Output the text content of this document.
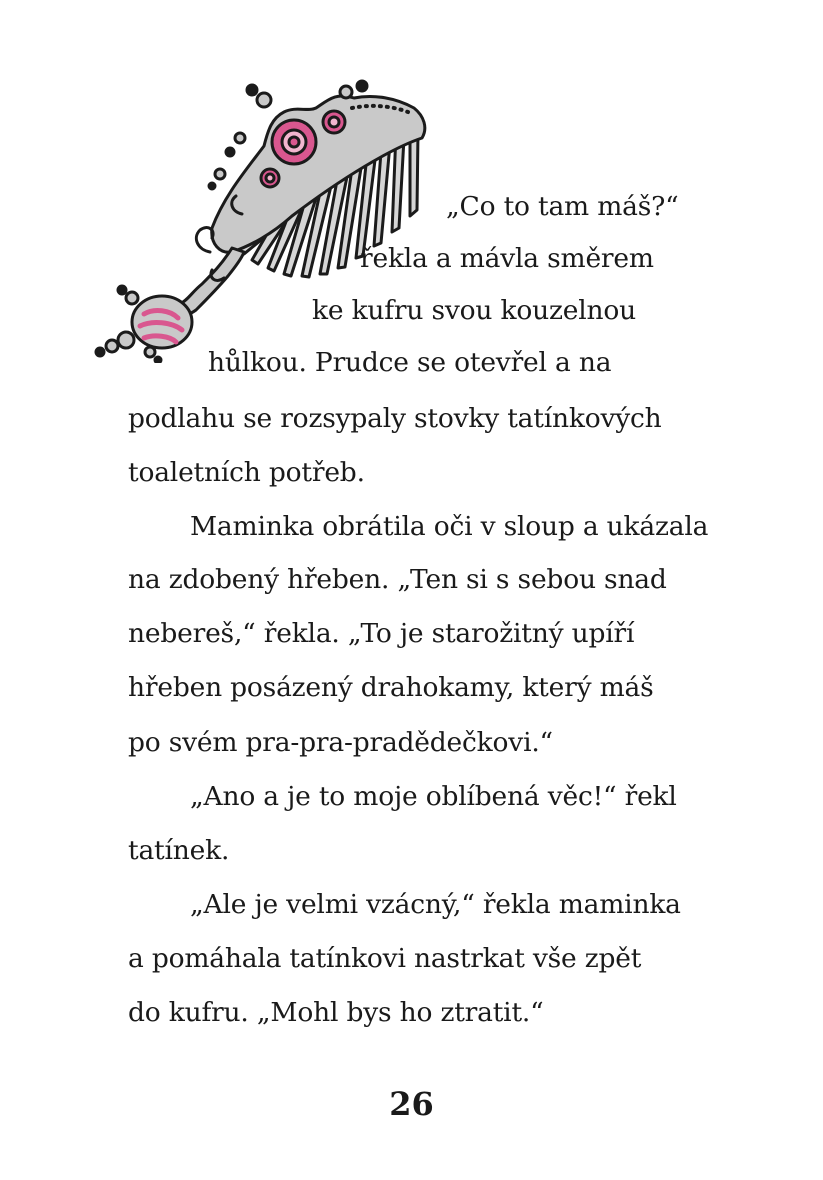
„Co to tam máš?“
řekla a mávla směrem
ke kufru svou kouzelnou
hůlkou. Prudce se otevřel a na
podlahu se rozsypaly stovky tatínkových
toaletních potřeb.
Maminka obrátila oči v sloup a ukázala
na zdobený hřeben. „Ten si s sebou snad
nebereš,“ řekla. „To je starožitný upíří
hřeben posázený drahokamy, který máš
po svém pra-pra-pradědečkovi.“
„Ano a je to moje oblíbená věc!“ řekl
tatínek.
„Ale je velmi vzácný,“ řekla maminka
a pomáhala tatínkovi nastrkat vše zpět
do kufru. „Mohl bys ho ztratit.“
26
